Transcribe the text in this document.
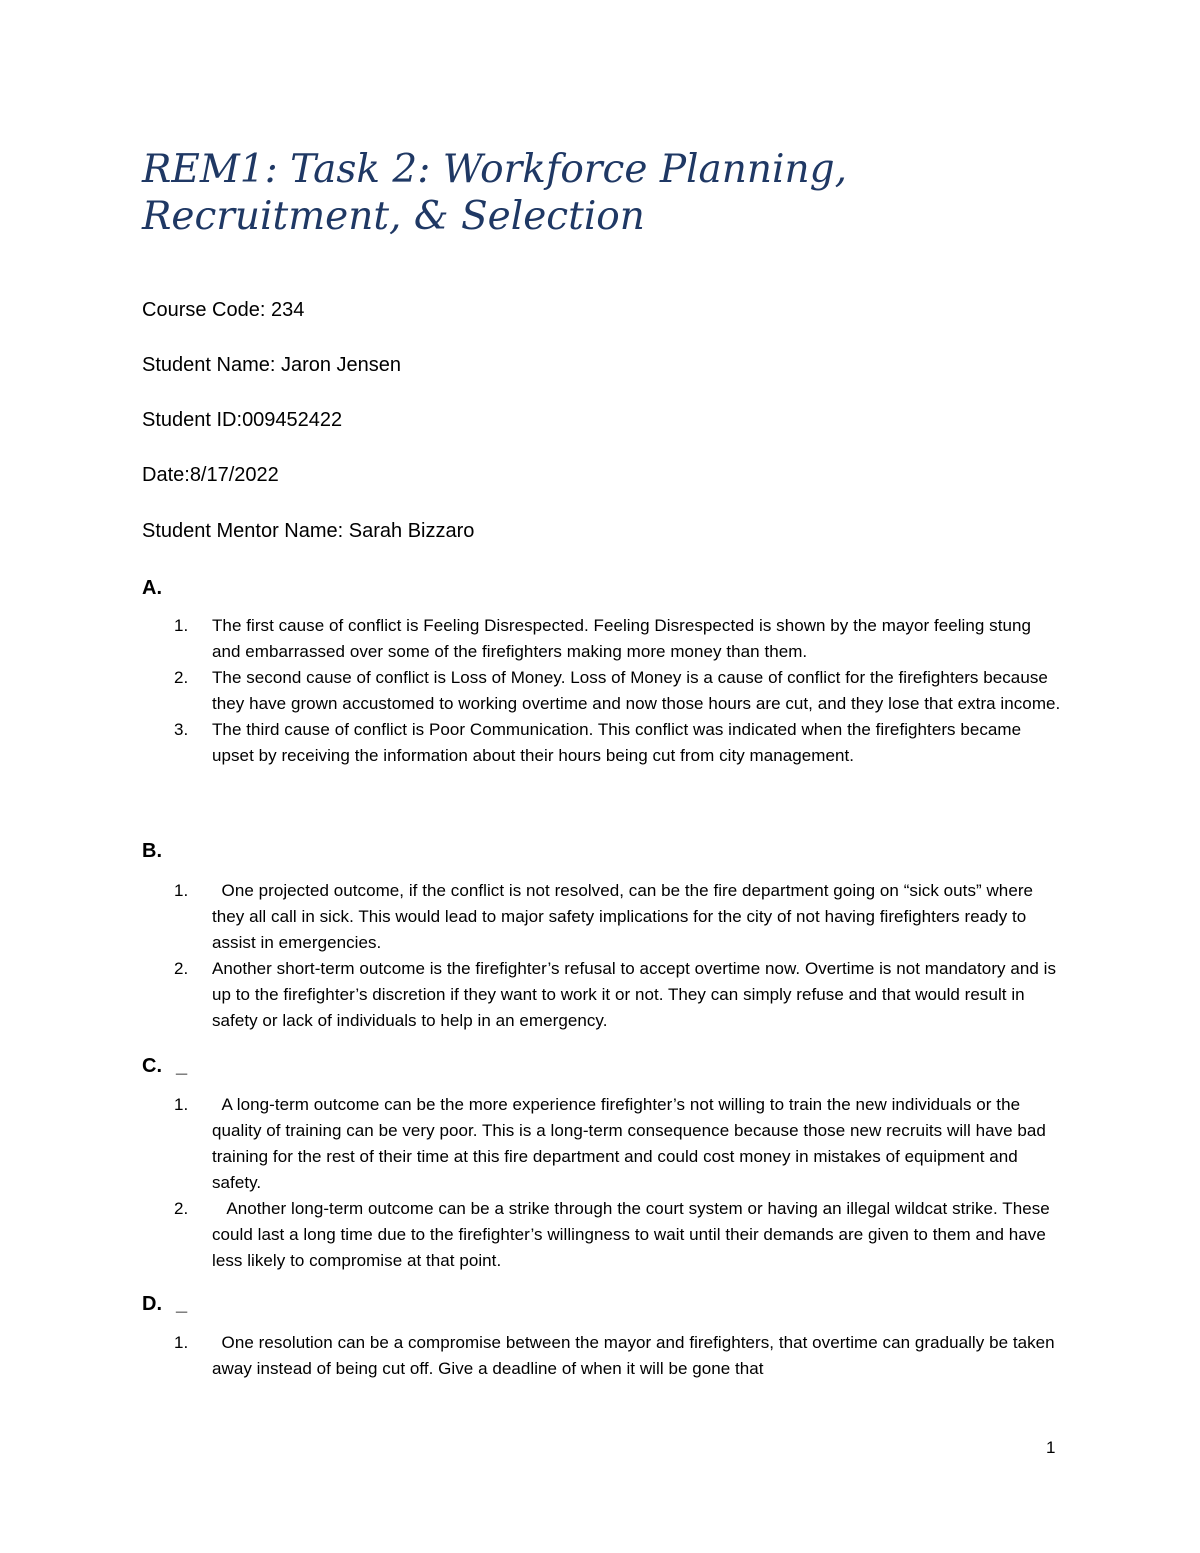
REM1: Task 2: Workforce Planning, Recruitment, & Selection

Course Code: 234

Student Name: Jaron Jensen

Student ID:009452422

Date:8/17/2022

Student Mentor Name: Sarah Bizzaro

A.

1. The first cause of conflict is Feeling Disrespected. Feeling Disrespected is shown by the mayor feeling stung and embarrassed over some of the firefighters making more money than them.
2. The second cause of conflict is Loss of Money. Loss of Money is a cause of conflict for the firefighters because they have grown accustomed to working overtime and now those hours are cut, and they lose that extra income.
3. The third cause of conflict is Poor Communication. This conflict was indicated when the firefighters became upset by receiving the information about their hours being cut from city management.

B.

1. One projected outcome, if the conflict is not resolved, can be the fire department going on “sick outs” where they all call in sick. This would lead to major safety implications for the city of not having firefighters ready to assist in emergencies.
2. Another short-term outcome is the firefighter’s refusal to accept overtime now. Overtime is not mandatory and is up to the firefighter’s discretion if they want to work it or not. They can simply refuse and that would result in safety or lack of individuals to help in an emergency.

C. _

1. A long-term outcome can be the more experience firefighter’s not willing to train the new individuals or the quality of training can be very poor. This is a long-term consequence because those new recruits will have bad training for the rest of their time at this fire department and could cost money in mistakes of equipment and safety.
2. Another long-term outcome can be a strike through the court system or having an illegal wildcat strike. These could last a long time due to the firefighter’s willingness to wait until their demands are given to them and have less likely to compromise at that point.

D. _

1. One resolution can be a compromise between the mayor and firefighters, that overtime can gradually be taken away instead of being cut off. Give a deadline of when it will be gone that
1
